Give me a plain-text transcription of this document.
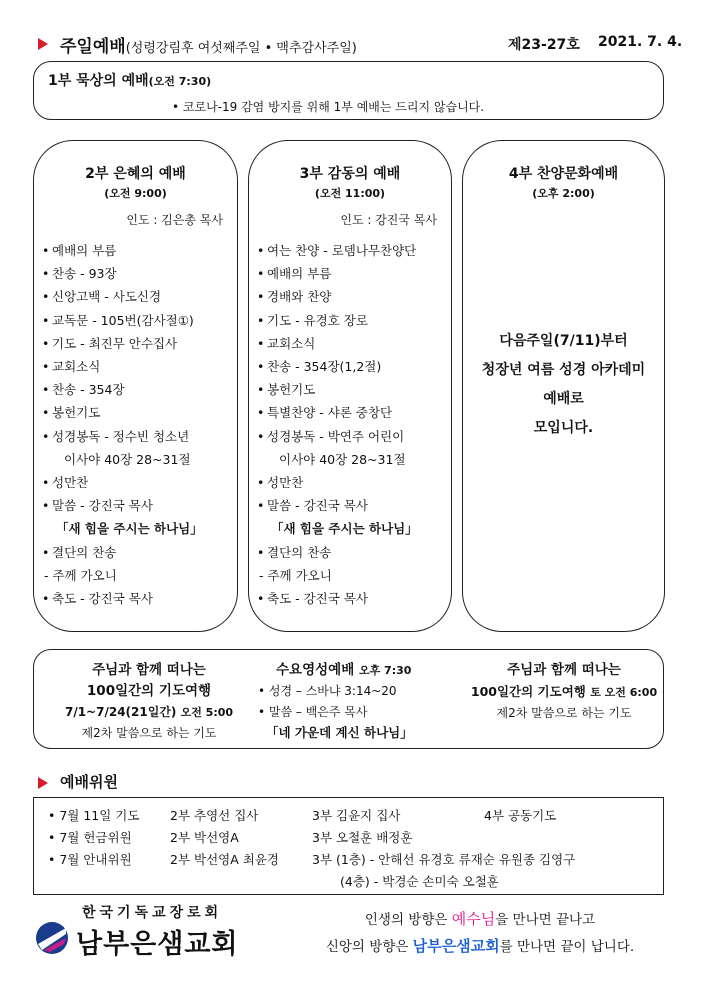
주일예배(성령강림후 여섯째주일 • 맥추감사주일)	제23-27호 2021. 7. 4.
1부 묵상의 예배(오전 7:30)
• 코로나-19 감염 방지를 위해 1부 예배는 드리지 않습니다.
2부 은혜의 예배
(오전 9:00)
인도 : 김은총 목사
• 예배의 부름
• 찬송 - 93장
• 신앙고백 - 사도신경
• 교독문 - 105번(감사절①)
• 기도 - 최진무 안수집사
• 교회소식
• 찬송 - 354장
• 봉헌기도
• 성경봉독 - 정수빈 청소년
이사야 40장 28~31절
• 성만찬
• 말씀 - 강진국 목사
「새 힘을 주시는 하나님」
• 결단의 찬송
- 주께 가오니
• 축도 - 강진국 목사
3부 감동의 예배
(오전 11:00)
인도 : 강진국 목사
• 여는 찬양 - 로뎀나무찬양단
• 예배의 부름
• 경배와 찬양
• 기도 - 유경호 장로
• 교회소식
• 찬송 - 354장(1,2절)
• 봉헌기도
• 특별찬양 - 샤론 중창단
• 성경봉독 - 박연주 어린이
이사야 40장 28~31절
• 성만찬
• 말씀 - 강진국 목사
「새 힘을 주시는 하나님」
• 결단의 찬송
- 주께 가오니
• 축도 - 강진국 목사
4부 찬양문화예배
(오후 2:00)
다음주일(7/11)부터
청장년 여름 성경 아카데미
예배로
모입니다.
주님과 함께 떠나는
100일간의 기도여행
7/1~7/24(21일간) 오전 5:00
제2차 말씀으로 하는 기도
수요영성예배 오후 7:30
• 성경 – 스바냐 3:14~20
• 말씀 – 백은주 목사
「네 가운데 계신 하나님」
주님과 함께 떠나는
100일간의 기도여행 토 오전 6:00
제2차 말씀으로 하는 기도
예배위원
• 7월 11일 기도 2부 추영선 집사	3부 김윤지 집사	4부 공동기도
• 7월 헌금위원	2부 박선영A	3부 오철훈 배정훈
• 7월 안내위원	2부 박선영A 최윤경	3부 (1층) - 안해선 유경호 류재순 유원종 김영구
(4층) - 박경순 손미숙 오철훈
한국기독교장로회
남부은샘교회
인생의 방향은 예수님을 만나면 끝나고
신앙의 방향은 남부은샘교회를 만나면 끝이 납니다.
